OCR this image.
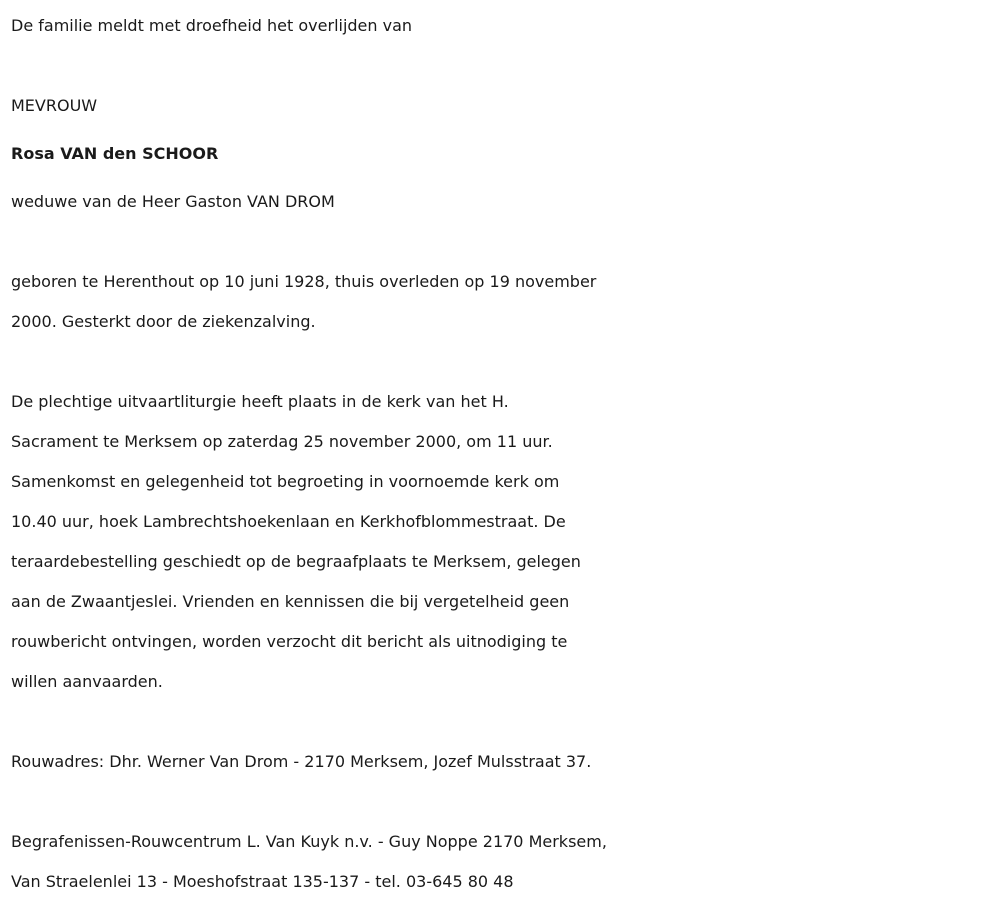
De familie meldt met droefheid het overlijden van
MEVROUW
Rosa VAN den SCHOOR
weduwe van de Heer Gaston VAN DROM
geboren te Herenthout op 10 juni 1928, thuis overleden op 19 november
2000. Gesterkt door de ziekenzalving.
De plechtige uitvaartliturgie heeft plaats in de kerk van het H.
Sacrament te Merksem op zaterdag 25 november 2000, om 11 uur.
Samenkomst en gelegenheid tot begroeting in voornoemde kerk om
10.40 uur, hoek Lambrechtshoekenlaan en Kerkhofblommestraat. De
teraardebestelling geschiedt op de begraafplaats te Merksem, gelegen
aan de Zwaantjeslei. Vrienden en kennissen die bij vergetelheid geen
rouwbericht ontvingen, worden verzocht dit bericht als uitnodiging te
willen aanvaarden.
Rouwadres: Dhr. Werner Van Drom - 2170 Merksem, Jozef Mulsstraat 37.
Begrafenissen-Rouwcentrum L. Van Kuyk n.v. - Guy Noppe 2170 Merksem,
Van Straelenlei 13 - Moeshofstraat 135-137 - tel. 03-645 80 48
